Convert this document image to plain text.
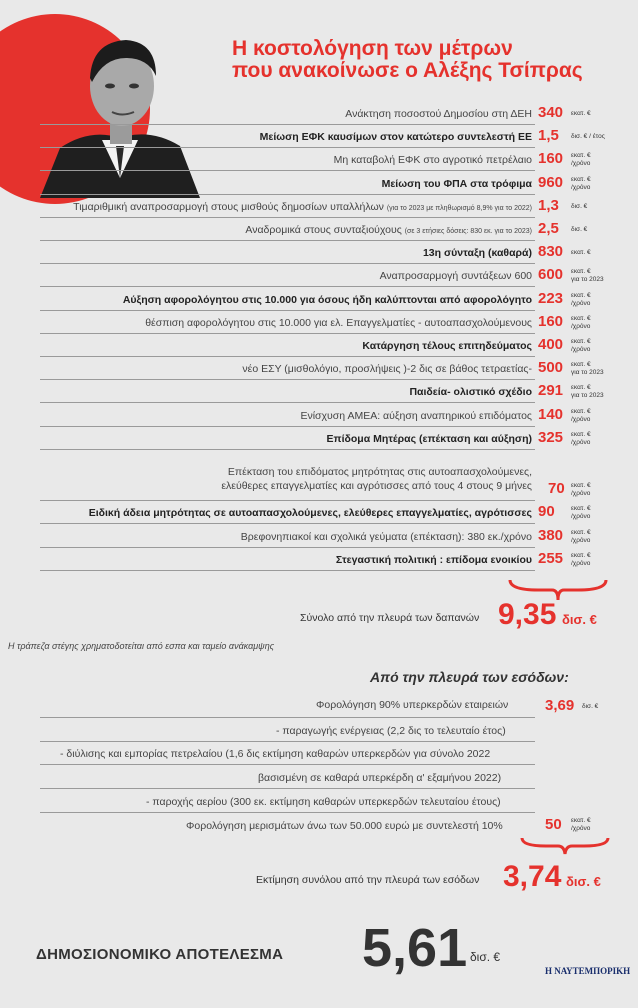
Η κοστολόγηση των μέτρων
που ανακοίνωσε ο Αλέξης Τσίπρας
Ανάκτηση ποσοστού Δημοσίου στη ΔΕΗ 340 εκατ. €
Μείωση ΕΦΚ καυσίμων στον κατώτερο συντελεστή ΕΕ 1,5 δισ. € / έτος
Μη καταβολή ΕΦΚ στο αγροτικό πετρέλαιο 160 εκατ. €
/χρόνο
Μείωση του ΦΠΑ στα τρόφιμα 960 εκατ. €
/χρόνο
Τιμαριθμική αναπροσαρμογή στους μισθούς δημοσίων υπαλλήλων (για το 2023 με πληθωρισμό 8,9% για το 2022) 1,3 δισ. €
Αναδρομικά στους συνταξιούχους (σε 3 ετήσιες δόσεις: 830 εκ. για το 2023) 2,5 δισ. €
13η σύνταξη (καθαρά) 830 εκατ. €
Αναπροσαρμογή συντάξεων 600 600 εκατ. €
για το 2023
Αύξηση αφορολόγητου στις 10.000 για όσους ήδη καλύπτονται από αφορολόγητο 223 εκατ. €
/χρόνο
θέσπιση αφορολόγητου στις 10.000 για ελ. Επαγγελματίες - αυτοαπασχολούμενους 160 εκατ. €
/χρόνο
Κατάργηση τέλους επιτηδεύματος 400 εκατ. €
/χρόνο
νέο ΕΣΥ (μισθολόγιο, προσλήψεις )-2 δις σε βάθος τετραετίας- 500 εκατ. €
για το 2023
Παιδεία- ολιστικό σχέδιο 291 εκατ. €
για το 2023
Ενίσχυση ΑΜΕΑ: αύξηση αναπηρικού επιδόματος 140 εκατ. €
/χρόνο
Επίδομα Μητέρας (επέκταση και αύξηση) 325 εκατ. €
/χρόνο
Επέκταση του επιδόματος μητρότητας στις αυτοαπασχολούμενες,
ελεύθερες επαγγελματίες και αγρότισσες από τους 4 στους 9 μήνες 70 εκατ. €
/χρόνο
Ειδική άδεια μητρότητας σε αυτοαπασχολούμενες, ελεύθερες επαγγελματίες, αγρότισσες 90	εκατ. €
/χρόνο
Βρεφονηπιακοί και σχολικά γεύματα (επέκταση): 380 εκ./χρόνο 380 εκατ. €
/χρόνο
Στεγαστική πολιτική : επίδομα ενοικίου 255 εκατ. €
/χρόνο
Σύνολο από την πλευρά των δαπανών 9,35 δισ. €
Η τράπεζα στέγης χρηματοδοτείται από εσπα και ταμείο ανάκαμψης
Από την πλευρά των εσόδων:
Φορολόγηση 90% υπερκερδών εταιρειών 3,69 δισ. €
- παραγωγής ενέργειας (2,2 δις το τελευταίο έτος)
- διύλισης και εμπορίας πετρελαίου (1,6 δις εκτίμηση καθαρών υπερκερδών για σύνολο 2022
βασισμένη σε καθαρά υπερκέρδη α' εξαμήνου 2022)
- παροχής αερίου (300 εκ. εκτίμηση καθαρών υπερκερδών τελευταίου έτους)
Φορολόγηση μερισμάτων άνω των 50.000 ευρώ με συντελεστή 10%	50 εκατ. €
/χρόνο
Εκτίμηση συνόλου από την πλευρά των εσόδων 3,74 δισ. €
ΔΗΜΟΣΙΟΝΟΜΙΚΟ ΑΠΟΤΕΛΕΣΜΑ 5,61 δισ. €
Η ΝΑΥΤΕΜΠΟΡΙΚΗ
